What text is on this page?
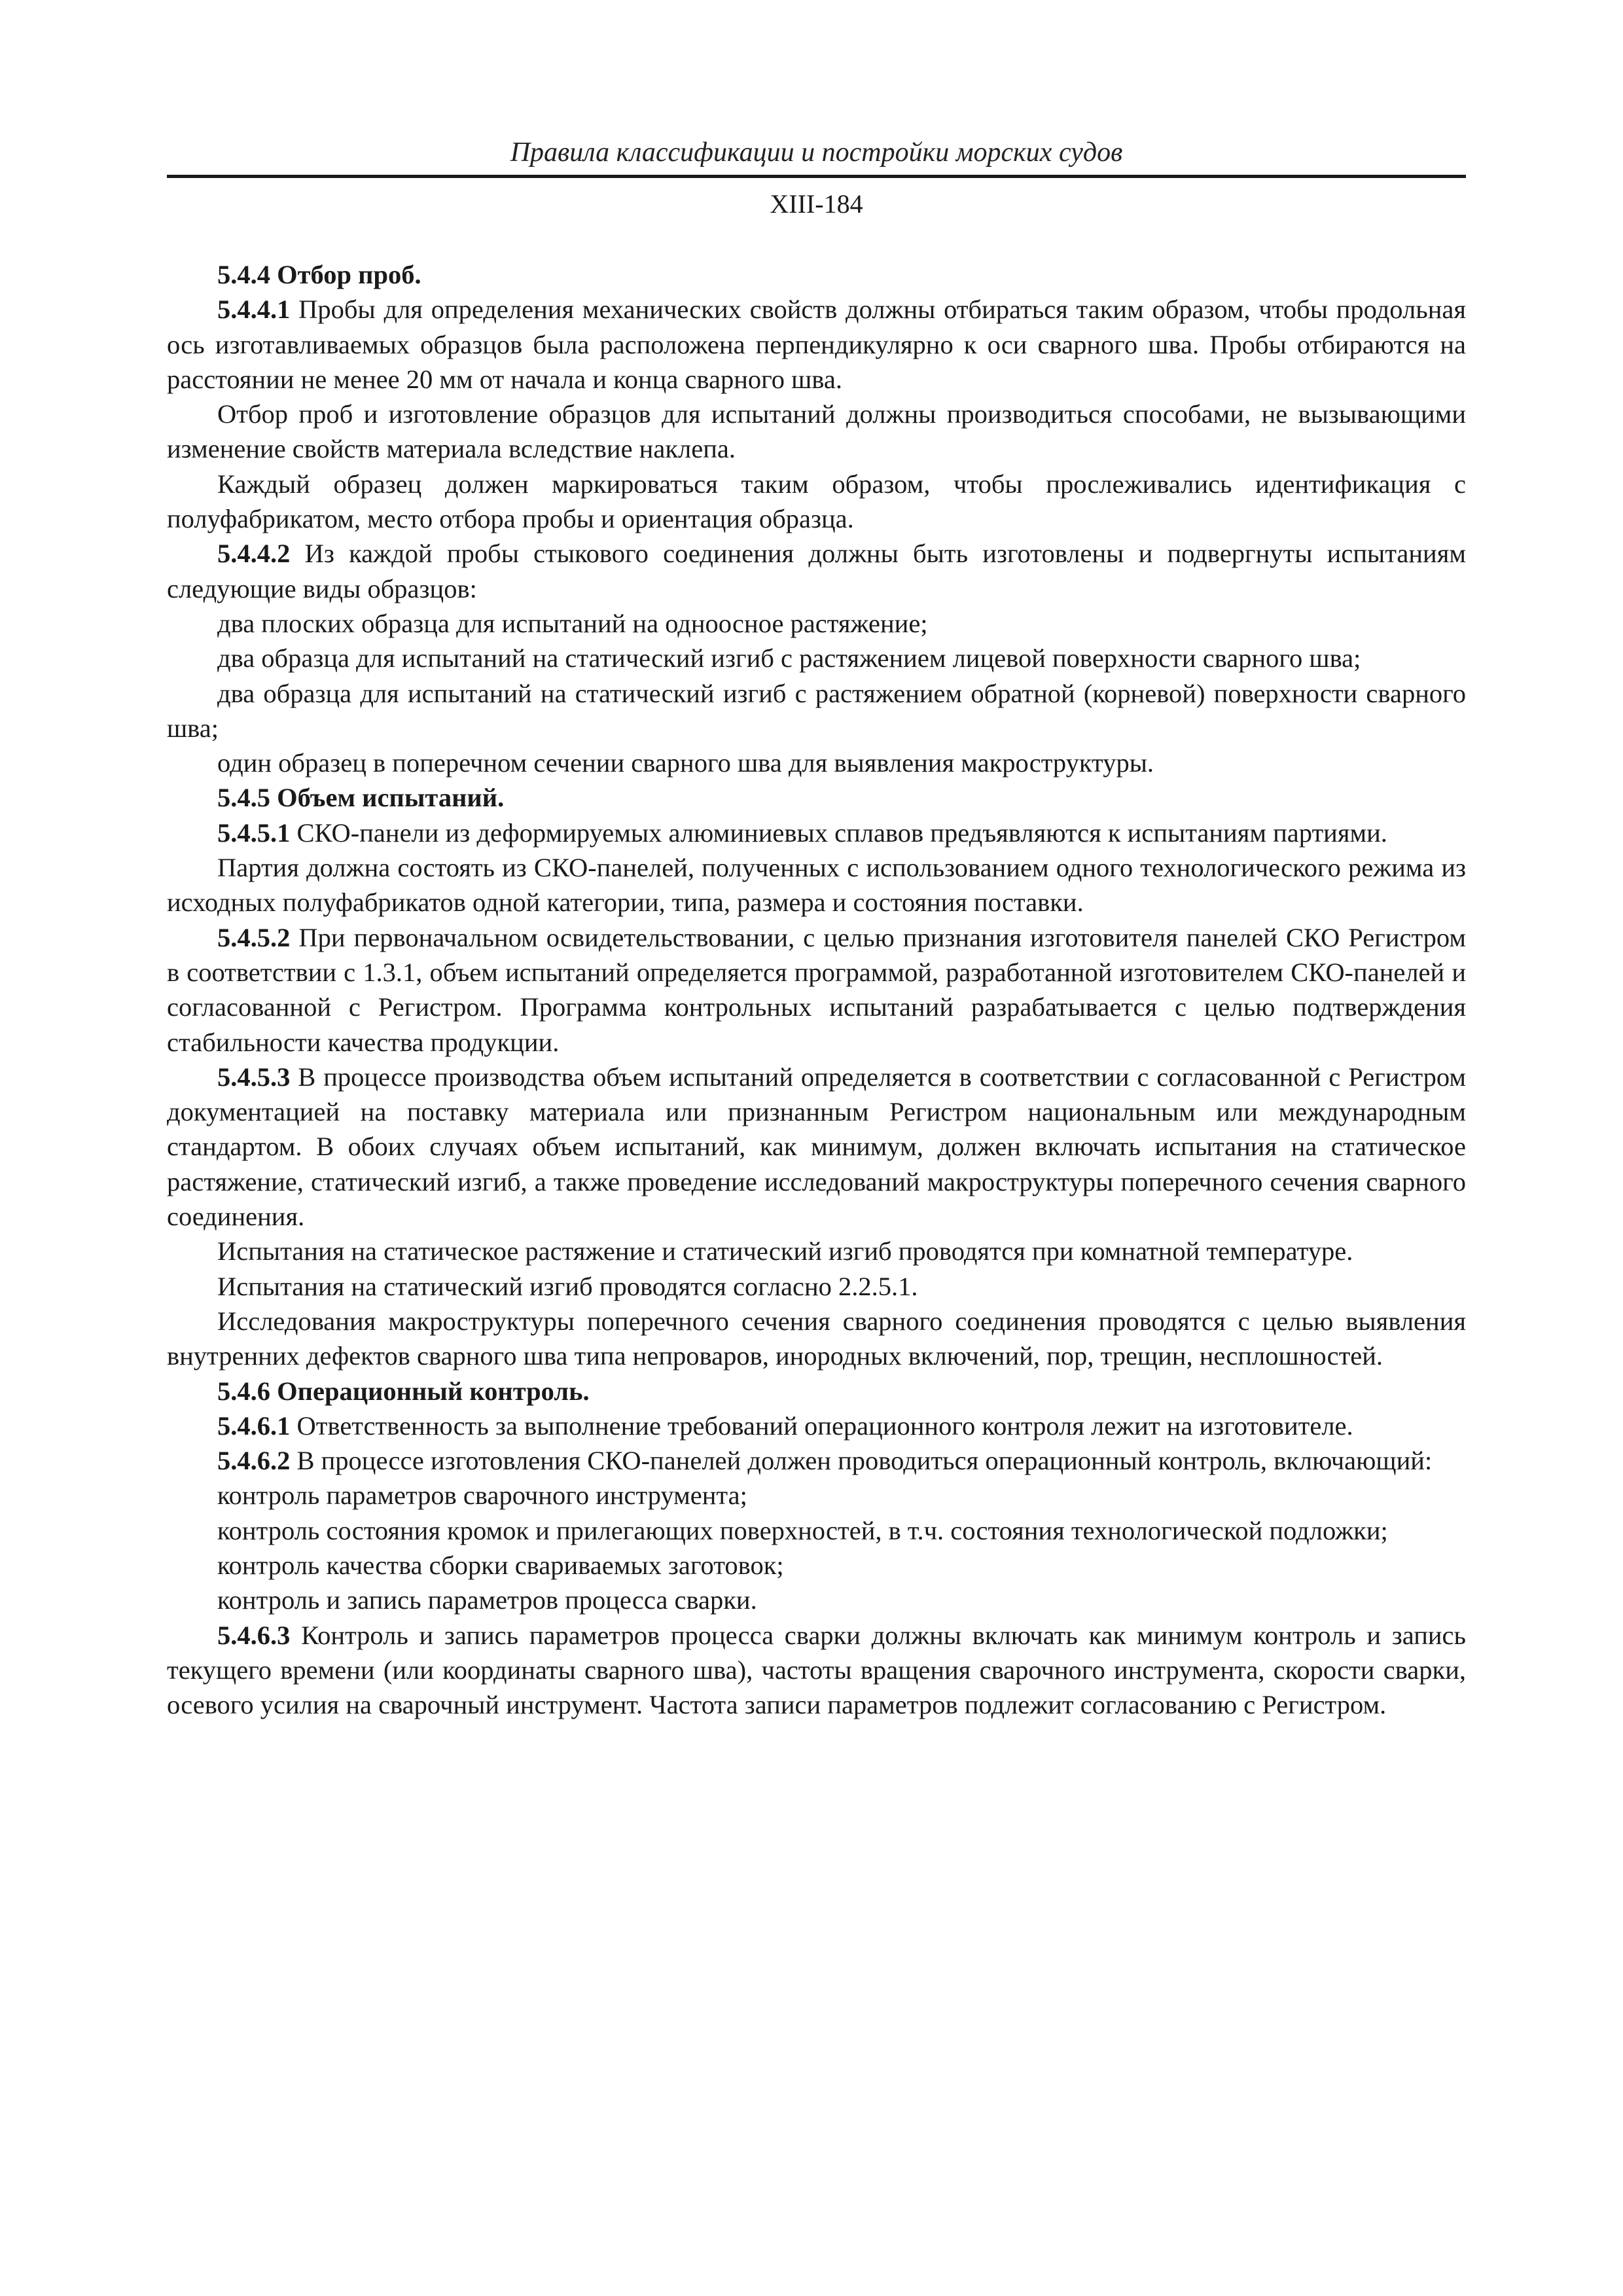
Правила классификации и постройки морских судов
XIII-184

5.4.4 Отбор проб.

5.4.4.1 Пробы для определения механических свойств должны отбираться таким образом, чтобы продольная ось изготавливаемых образцов была расположена перпендикулярно к оси сварного шва. Пробы отбираются на расстоянии не менее 20 мм от начала и конца сварного шва.

Отбор проб и изготовление образцов для испытаний должны производиться способами, не вызывающими изменение свойств материала вследствие наклепа.

Каждый образец должен маркироваться таким образом, чтобы прослеживались идентификация с полуфабрикатом, место отбора пробы и ориентация образца.

5.4.4.2 Из каждой пробы стыкового соединения должны быть изготовлены и подвергнуты испытаниям следующие виды образцов:

два плоских образца для испытаний на одноосное растяжение;

два образца для испытаний на статический изгиб с растяжением лицевой поверхности сварного шва;

два образца для испытаний на статический изгиб с растяжением обратной (корневой) поверхности сварного шва;

один образец в поперечном сечении сварного шва для выявления макроструктуры.

5.4.5 Объем испытаний.

5.4.5.1 СКО-панели из деформируемых алюминиевых сплавов предъявляются к испытаниям партиями.

Партия должна состоять из СКО-панелей, полученных с использованием одного технологического режима из исходных полуфабрикатов одной категории, типа, размера и состояния поставки.

5.4.5.2 При первоначальном освидетельствовании, с целью признания изготовителя панелей СКО Регистром в соответствии с 1.3.1, объем испытаний определяется программой, разработанной изготовителем СКО-панелей и согласованной с Регистром. Программа контрольных испытаний разрабатывается с целью подтверждения стабильности качества продукции.

5.4.5.3 В процессе производства объем испытаний определяется в соответствии с согласованной с Регистром документацией на поставку материала или признанным Регистром национальным или международным стандартом. В обоих случаях объем испытаний, как минимум, должен включать испытания на статическое растяжение, статический изгиб, а также проведение исследований макроструктуры поперечного сечения сварного соединения.

Испытания на статическое растяжение и статический изгиб проводятся при комнатной температуре.

Испытания на статический изгиб проводятся согласно 2.2.5.1.

Исследования макроструктуры поперечного сечения сварного соединения проводятся с целью выявления внутренних дефектов сварного шва типа непроваров, инородных включений, пор, трещин, несплошностей.

5.4.6 Операционный контроль.

5.4.6.1 Ответственность за выполнение требований операционного контроля лежит на изготовителе.

5.4.6.2 В процессе изготовления СКО-панелей должен проводиться операционный контроль, включающий:

контроль параметров сварочного инструмента;

контроль состояния кромок и прилегающих поверхностей, в т.ч. состояния технологической подложки;

контроль качества сборки свариваемых заготовок;

контроль и запись параметров процесса сварки.

5.4.6.3 Контроль и запись параметров процесса сварки должны включать как минимум контроль и запись текущего времени (или координаты сварного шва), частоты вращения сварочного инструмента, скорости сварки, осевого усилия на сварочный инструмент. Частота записи параметров подлежит согласованию с Регистром.
